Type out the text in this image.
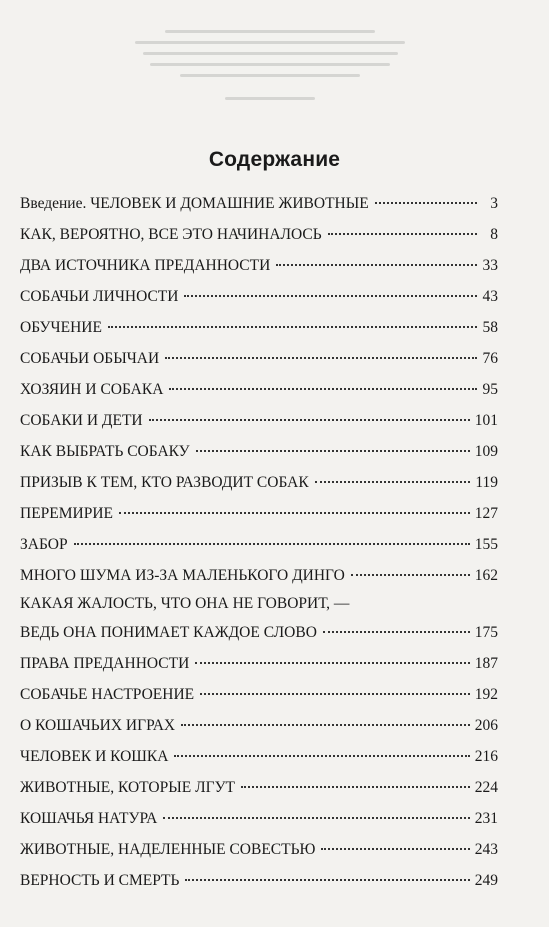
Содержание
Введение. ЧЕЛОВЕК И ДОМАШНИЕ ЖИВОТНЫЕ	3
КАК, ВЕРОЯТНО, ВСЕ ЭТО НАЧИНАЛОСЬ	8
ДВА ИСТОЧНИКА ПРЕДАННОСТИ	33
СОБАЧЬИ ЛИЧНОСТИ	43
ОБУЧЕНИЕ	58
СОБАЧЬИ ОБЫЧАИ	76
ХОЗЯИН И СОБАКА	95
СОБАКИ И ДЕТИ	101
КАК ВЫБРАТЬ СОБАКУ	109
ПРИЗЫВ К ТЕМ, КТО РАЗВОДИТ СОБАК	119
ПЕРЕМИРИЕ	127
ЗАБОР	155
МНОГО ШУМА ИЗ-ЗА МАЛЕНЬКОГО ДИНГО	162
КАКАЯ ЖАЛОСТЬ, ЧТО ОНА НЕ ГОВОРИТ, —
ВЕДЬ ОНА ПОНИМАЕТ КАЖДОЕ СЛОВО	175
ПРАВА ПРЕДАННОСТИ	187
СОБАЧЬЕ НАСТРОЕНИЕ	192
О КОШАЧЬИХ ИГРАХ	206
ЧЕЛОВЕК И КОШКА	216
ЖИВОТНЫЕ, КОТОРЫЕ ЛГУТ	224
КОШАЧЬЯ НАТУРА	231
ЖИВОТНЫЕ, НАДЕЛЕННЫЕ СОВЕСТЬЮ	243
ВЕРНОСТЬ И СМЕРТЬ	249
